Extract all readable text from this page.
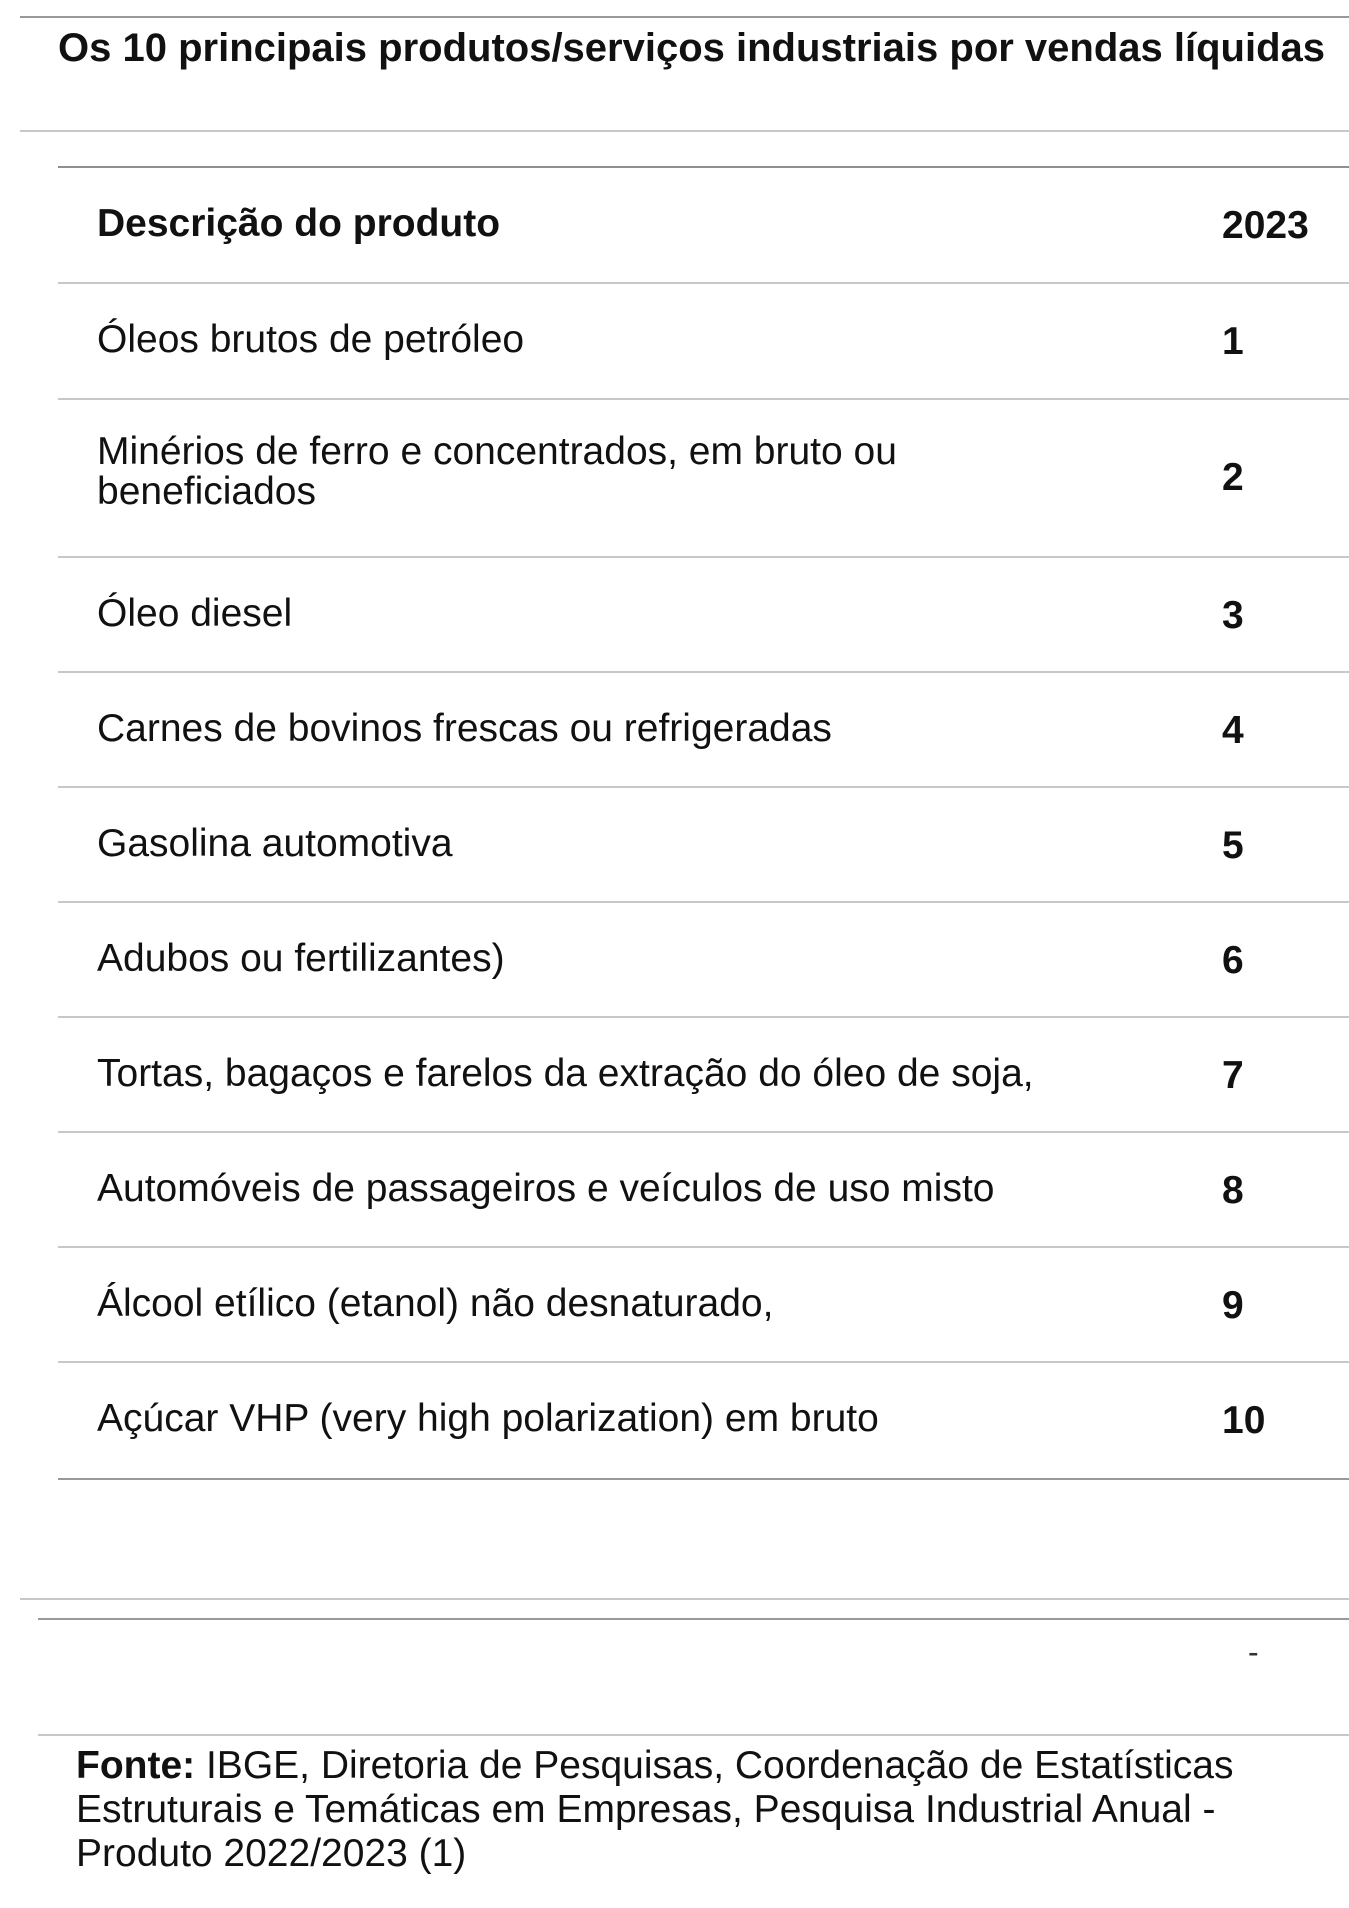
Os 10 principais produtos/serviços industriais por vendas líquidas
Descrição do produto	2023
Óleos brutos de petróleo	1
Minérios de ferro e concentrados, em bruto ou beneficiados	2
Óleo diesel	3
Carnes de bovinos frescas ou refrigeradas	4
Gasolina automotiva	5
Adubos ou fertilizantes)	6
Tortas, bagaços e farelos da extração do óleo de soja,	7
Automóveis de passageiros e veículos de uso misto	8
Álcool etílico (etanol) não desnaturado,	9
Açúcar VHP (very high polarization) em bruto	10
-
Fonte: IBGE, Diretoria de Pesquisas, Coordenação de Estatísticas Estruturais e Temáticas em Empresas, Pesquisa Industrial Anual - Produto 2022/2023 (1)
